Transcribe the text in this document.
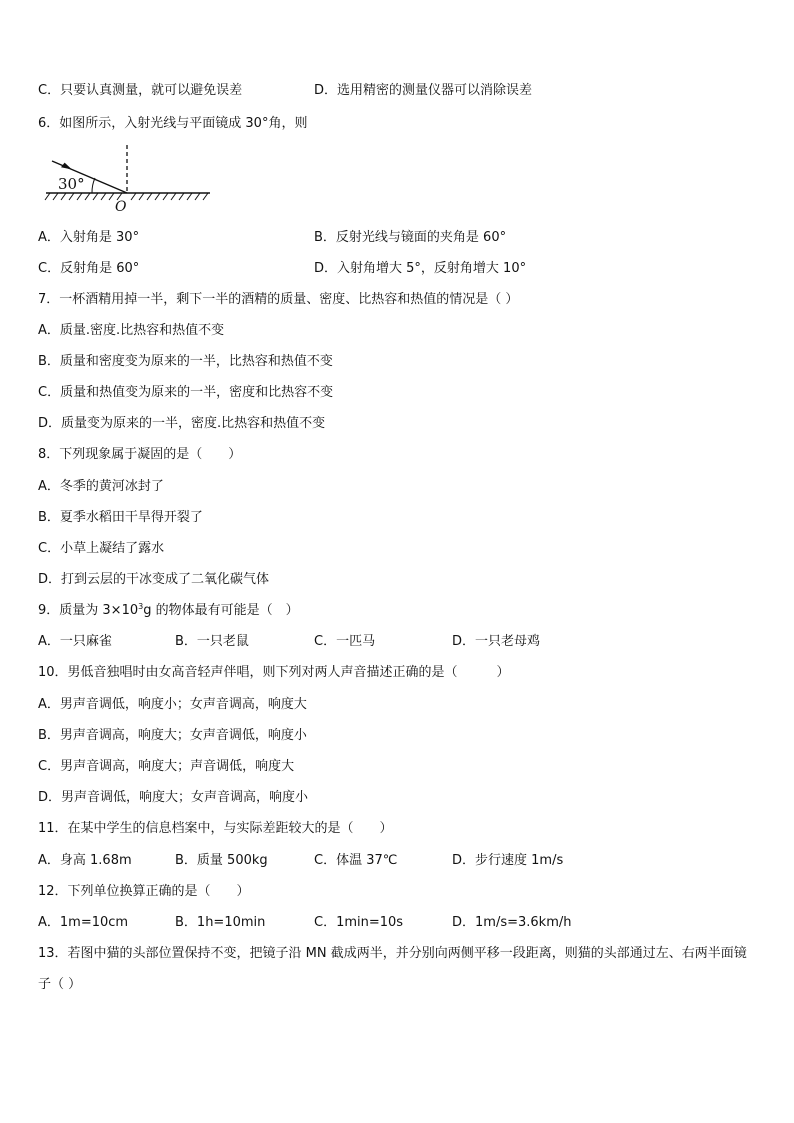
C．只要认真测量，就可以避免误差	D．选用精密的测量仪器可以消除误差
6．如图所示，入射光线与平面镜成 30°角，则
30°
O
A．入射角是 30°	B．反射光线与镜面的夹角是 60°
C．反射角是 60°	D．入射角增大 5°，反射角增大 10°
7．一杯酒精用掉一半，剩下一半的酒精的质量、密度、比热容和热值的情况是（ ）
A．质量.密度.比热容和热值不变
B．质量和密度变为原来的一半，比热容和热值不变
C．质量和热值变为原来的一半，密度和比热容不变
D．质量变为原来的一半，密度.比热容和热值不变
8．下列现象属于凝固的是（　　）
A．冬季的黄河冰封了
B．夏季水稻田干旱得开裂了
C．小草上凝结了露水
D．打到云层的干冰变成了二氧化碳气体
9．质量为 $3\times 10^3g$ 的物体最有可能是（　）
A．一只麻雀	B．一只老鼠	C．一匹马	D．一只老母鸡
10．男低音独唱时由女高音轻声伴唱，则下列对两人声音描述正确的是（　　　）
A．男声音调低，响度小；女声音调高，响度大
B．男声音调高，响度大；女声音调低，响度小
C．男声音调高，响度大；声音调低，响度大
D．男声音调低，响度大；女声音调高，响度小
11．在某中学生的信息档案中，与实际差距较大的是（　　）
A．身高 1.68m	B．质量 500kg	C．体温 37℃	D．步行速度 1m/s
12．下列单位换算正确的是（　　）
A．1m=10cm	B．1h=10min	C．1min=10s	D．1m/s=3.6km/h
13．若图中猫的头部位置保持不变，把镜子沿 MN 截成两半，并分别向两侧平移一段距离，则猫的头部通过左、右两半面镜子（ ）
